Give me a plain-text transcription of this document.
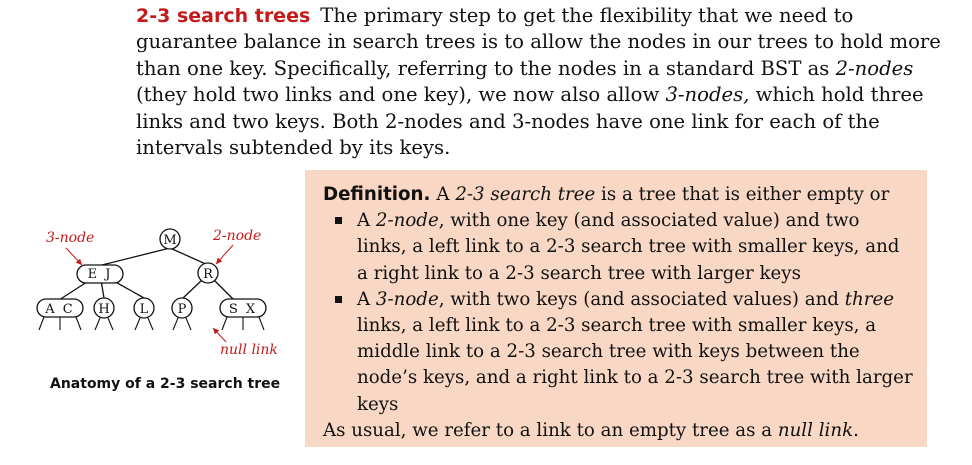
2-3 search trees The primary step to get the flexibility that we need to guarantee balance in search trees is to allow the nodes in our trees to hold more than one key. Specifically, referring to the nodes in a standard BST as 2-nodes (they hold two links and one key), we now also allow 3-nodes, which hold three links and two keys. Both 2-nodes and 3-nodes have one link for each of the intervals subtended by its keys.

M
E J	R
A C H L P	S X
3-node	2-node
null link
Anatomy of a 2-3 search tree

Definition. A 2-3 search tree is a tree that is either empty or

A 2-node, with one key (and associated value) and two links, a left link to a 2-3 search tree with smaller keys, and a right link to a 2-3 search tree with larger keys
A 3-node, with two keys (and associated values) and three links, a left link to a 2-3 search tree with smaller keys, a middle link to a 2-3 search tree with keys between the node’s keys, and a right link to a 2-3 search tree with larger keys

As usual, we refer to a link to an empty tree as a null link.
